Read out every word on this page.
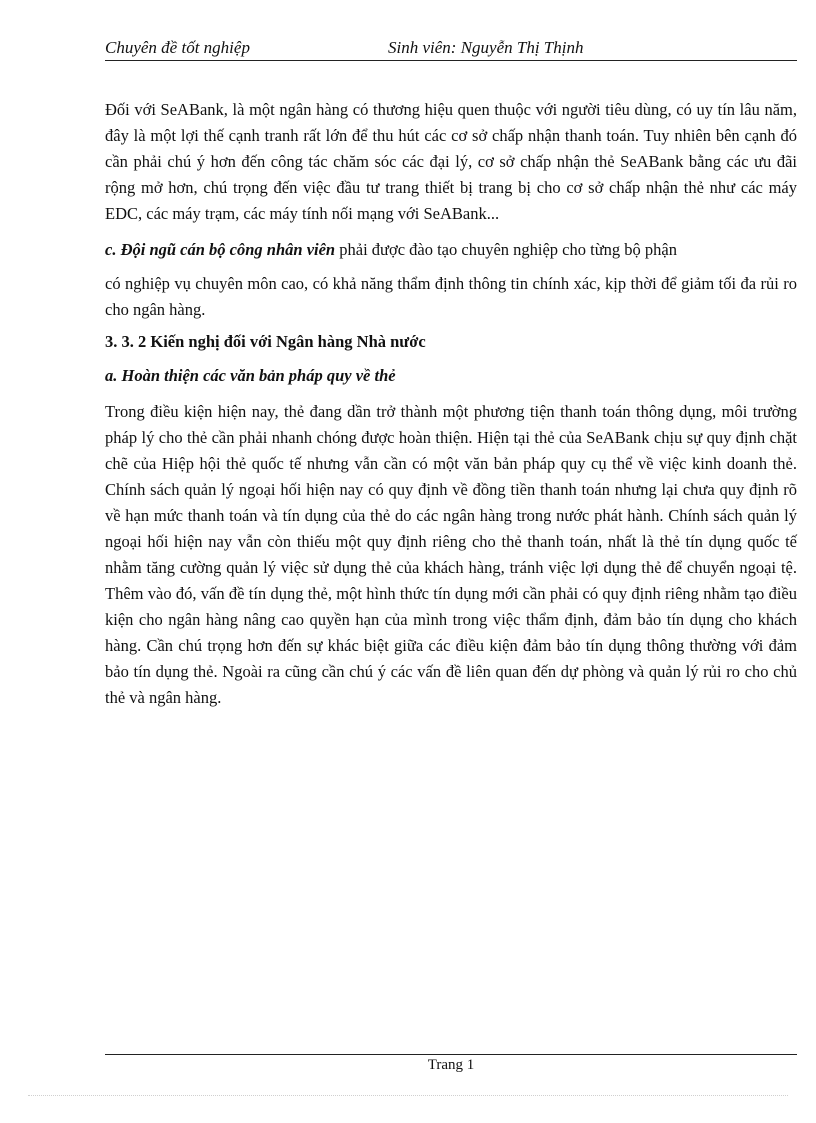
Chuyên đề tốt nghiệp	Sinh viên: Nguyễn Thị Thịnh

Đối với SeABank, là một ngân hàng có thương hiệu quen thuộc với người tiêu dùng, có uy tín lâu năm, đây là một lợi thế cạnh tranh rất lớn để thu hút các cơ sở chấp nhận thanh toán. Tuy nhiên bên cạnh đó cần phải chú ý hơn đến công tác chăm sóc các đại lý, cơ sở chấp nhận thẻ SeABank bằng các ưu đãi rộng mở hơn, chú trọng đến việc đầu tư trang thiết bị trang bị cho cơ sở chấp nhận thẻ như các máy EDC, các máy trạm, các máy tính nối mạng với SeABank...

c. Đội ngũ cán bộ công nhân viên phải được đào tạo chuyên nghiệp cho từng bộ phận

có nghiệp vụ chuyên môn cao, có khả năng thẩm định thông tin chính xác, kịp thời để giảm tối đa rủi ro cho ngân hàng.

3. 3. 2 Kiến nghị đối với Ngân hàng Nhà nước
a. Hoàn thiện các văn bản pháp quy về thẻ

Trong điều kiện hiện nay, thẻ đang dần trở thành một phương tiện thanh toán thông dụng, môi trường pháp lý cho thẻ cần phải nhanh chóng được hoàn thiện. Hiện tại thẻ của SeABank chịu sự quy định chặt chẽ của Hiệp hội thẻ quốc tế nhưng vẫn cần có một văn bản pháp quy cụ thể về việc kinh doanh thẻ. Chính sách quản lý ngoại hối hiện nay có quy định về đồng tiền thanh toán nhưng lại chưa quy định rõ về hạn mức thanh toán và tín dụng của thẻ do các ngân hàng trong nước phát hành. Chính sách quản lý ngoại hối hiện nay vẫn còn thiếu một quy định riêng cho thẻ thanh toán, nhất là thẻ tín dụng quốc tế nhằm tăng cường quản lý việc sử dụng thẻ của khách hàng, tránh việc lợi dụng thẻ để chuyển ngoại tệ. Thêm vào đó, vấn đề tín dụng thẻ, một hình thức tín dụng mới cần phải có quy định riêng nhằm tạo điều kiện cho ngân hàng nâng cao quyền hạn của mình trong việc thẩm định, đảm bảo tín dụng cho khách hàng. Cần chú trọng hơn đến sự khác biệt giữa các điều kiện đảm bảo tín dụng thông thường với đảm bảo tín dụng thẻ. Ngoài ra cũng cần chú ý các vấn đề liên quan đến dự phòng và quản lý rủi ro cho chủ thẻ và ngân hàng.

Trang 1
